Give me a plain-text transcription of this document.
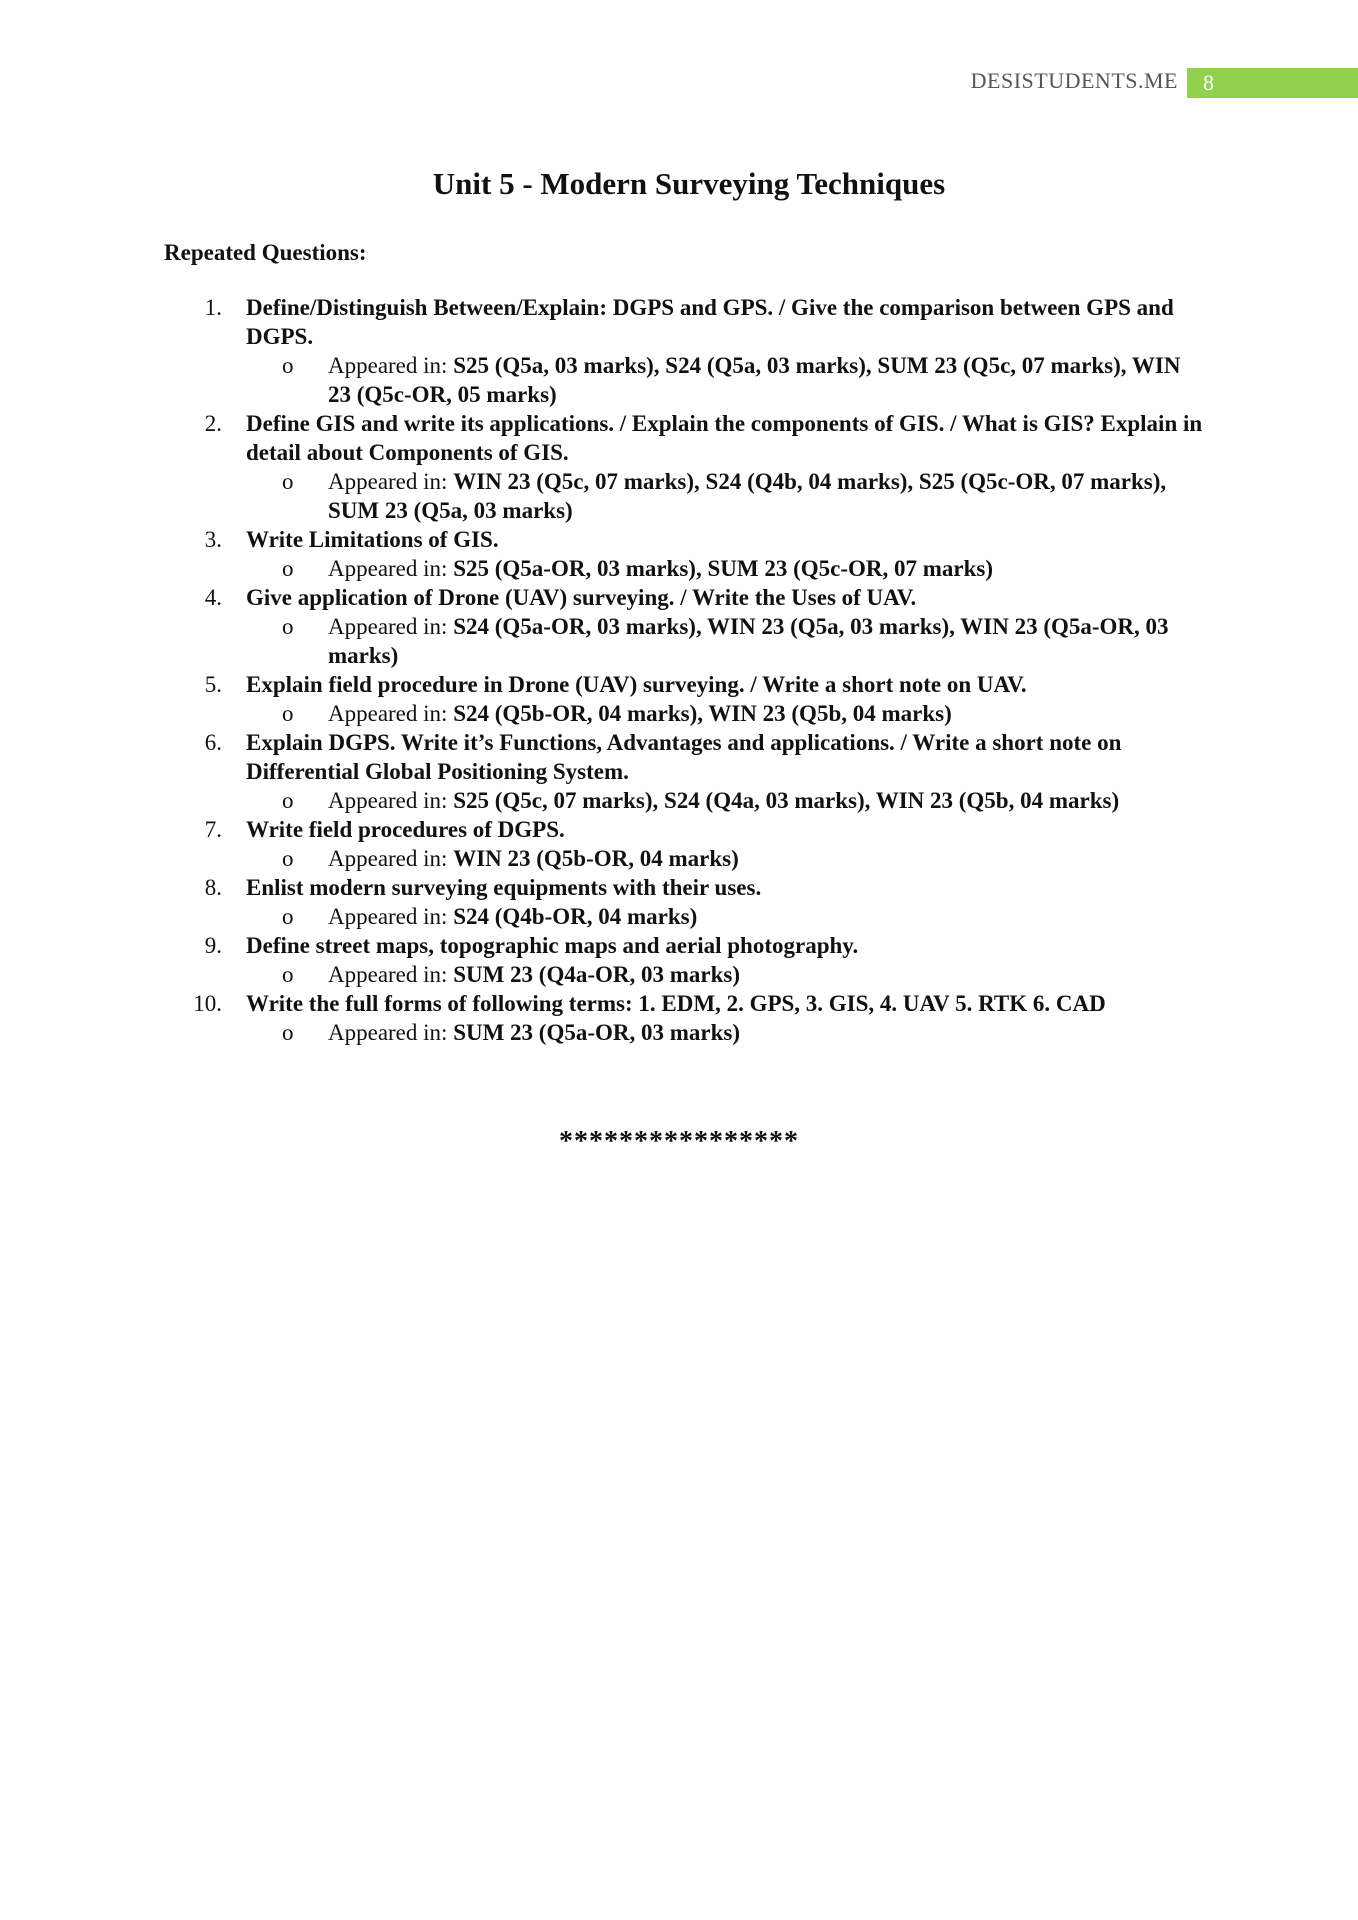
DESISTUDENTS.ME	8
Unit 5 - Modern Surveying Techniques
Repeated Questions:
1. Define/Distinguish Between/Explain: DGPS and GPS. / Give the comparison between GPS and DGPS.
o Appeared in: S25 (Q5a, 03 marks), S24 (Q5a, 03 marks), SUM 23 (Q5c, 07 marks), WIN 23 (Q5c-OR, 05 marks)
2. Define GIS and write its applications. / Explain the components of GIS. / What is GIS? Explain in detail about Components of GIS.
o Appeared in: WIN 23 (Q5c, 07 marks), S24 (Q4b, 04 marks), S25 (Q5c-OR, 07 marks), SUM 23 (Q5a, 03 marks)
3. Write Limitations of GIS.
o Appeared in: S25 (Q5a-OR, 03 marks), SUM 23 (Q5c-OR, 07 marks)
4. Give application of Drone (UAV) surveying. / Write the Uses of UAV.
o Appeared in: S24 (Q5a-OR, 03 marks), WIN 23 (Q5a, 03 marks), WIN 23 (Q5a-OR, 03 marks)
5. Explain field procedure in Drone (UAV) surveying. / Write a short note on UAV.
o Appeared in: S24 (Q5b-OR, 04 marks), WIN 23 (Q5b, 04 marks)
6. Explain DGPS. Write it’s Functions, Advantages and applications. / Write a short note on Differential Global Positioning System.
o Appeared in: S25 (Q5c, 07 marks), S24 (Q4a, 03 marks), WIN 23 (Q5b, 04 marks)
7. Write field procedures of DGPS.
o Appeared in: WIN 23 (Q5b-OR, 04 marks)
8. Enlist modern surveying equipments with their uses.
o Appeared in: S24 (Q4b-OR, 04 marks)
9. Define street maps, topographic maps and aerial photography.
o Appeared in: SUM 23 (Q4a-OR, 03 marks)
10. Write the full forms of following terms: 1. EDM, 2. GPS, 3. GIS, 4. UAV 5. RTK 6. CAD
o Appeared in: SUM 23 (Q5a-OR, 03 marks)
****************
